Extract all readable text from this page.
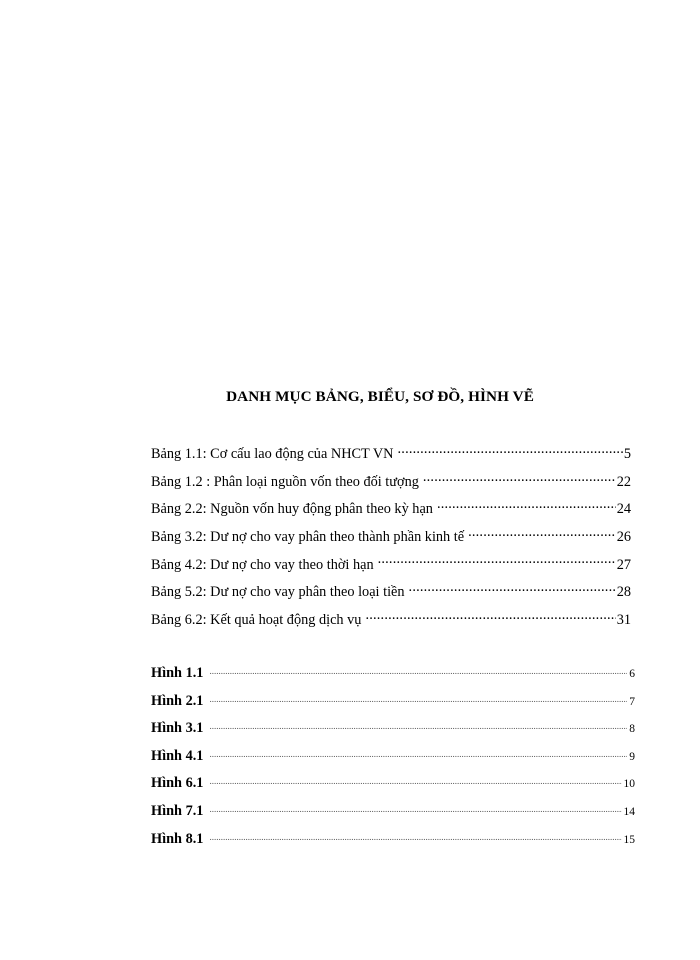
DANH MỤC BẢNG, BIỂU, SƠ ĐỒ, HÌNH VẼ
Bảng 1.1: Cơ cấu lao động của NHCT VN .....	5
Bảng 1.2 : Phân loại nguồn vốn theo đối tượng .....	22
Bảng 2.2: Nguồn vốn huy động phân theo kỳ hạn .....	24
Bảng 3.2: Dư nợ cho vay phân theo thành phần kinh tế .....	26
Bảng 4.2: Dư nợ cho vay theo thời hạn .....	27
Bảng 5.2: Dư nợ cho vay phân theo loại tiền .....	28
Bảng 6.2: Kết quả hoạt động dịch vụ .....	31
Hình 1.1 .....	6
Hình 2.1 .....	7
Hình 3.1 .....	8
Hình 4.1 .....	9
Hình 6.1 .....	10
Hình 7.1 .....	14
Hình 8.1 .....	15
